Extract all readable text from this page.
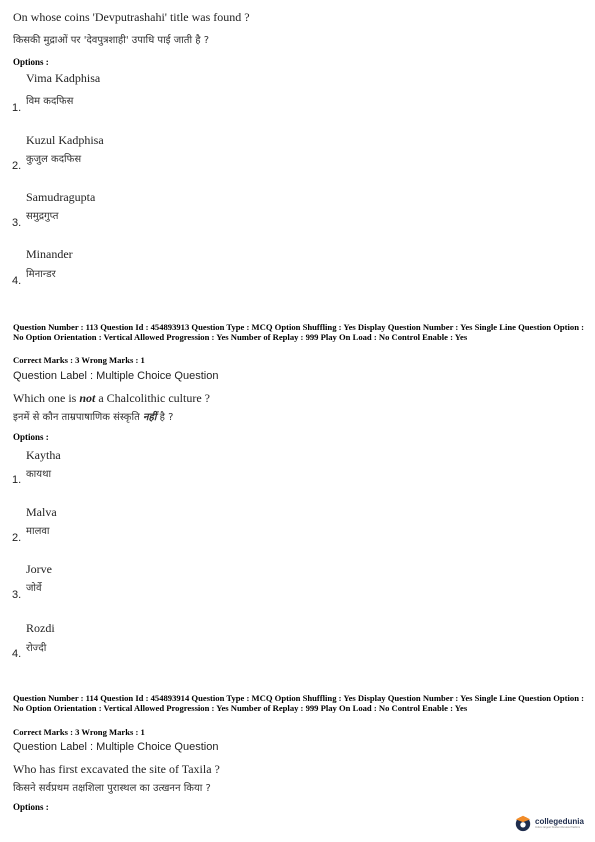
On whose coins 'Devputrashahi' title was found ?
किसकी मुद्राओं पर 'देवपुत्रशाही' उपाधि पाई जाती है ?
Options :
Vima Kadphisa
विम कदफिस
1.
Kuzul Kadphisa
कुजुल कदफिस
2.
Samudragupta
समुद्रगुप्त
3.
Minander
मिनान्डर
4.
Question Number : 113 Question Id : 454893913 Question Type : MCQ Option Shuffling : Yes Display Question Number : Yes Single Line Question Option : No Option Orientation : Vertical Allowed Progression : Yes Number of Replay : 999 Play On Load : No Control Enable : Yes
Correct Marks : 3 Wrong Marks : 1
Question Label : Multiple Choice Question
Which one is not a Chalcolithic culture ?
इनमें से कौन ताम्रपाषाणिक संस्कृति नहीं है ?
Options :
Kaytha
कायथा
1.
Malva
मालवा
2.
Jorve
जोर्वे
3.
Rozdi
रोज्दी
4.
Question Number : 114 Question Id : 454893914 Question Type : MCQ Option Shuffling : Yes Display Question Number : Yes Single Line Question Option : No Option Orientation : Vertical Allowed Progression : Yes Number of Replay : 999 Play On Load : No Control Enable : Yes
Correct Marks : 3 Wrong Marks : 1
Question Label : Multiple Choice Question
Who has first excavated the site of Taxila ?
किसने सर्वप्रथम तक्षशिला पुरास्थल का उत्खनन किया ?
Options :
collegedunia
India's largest Student Review Platform
